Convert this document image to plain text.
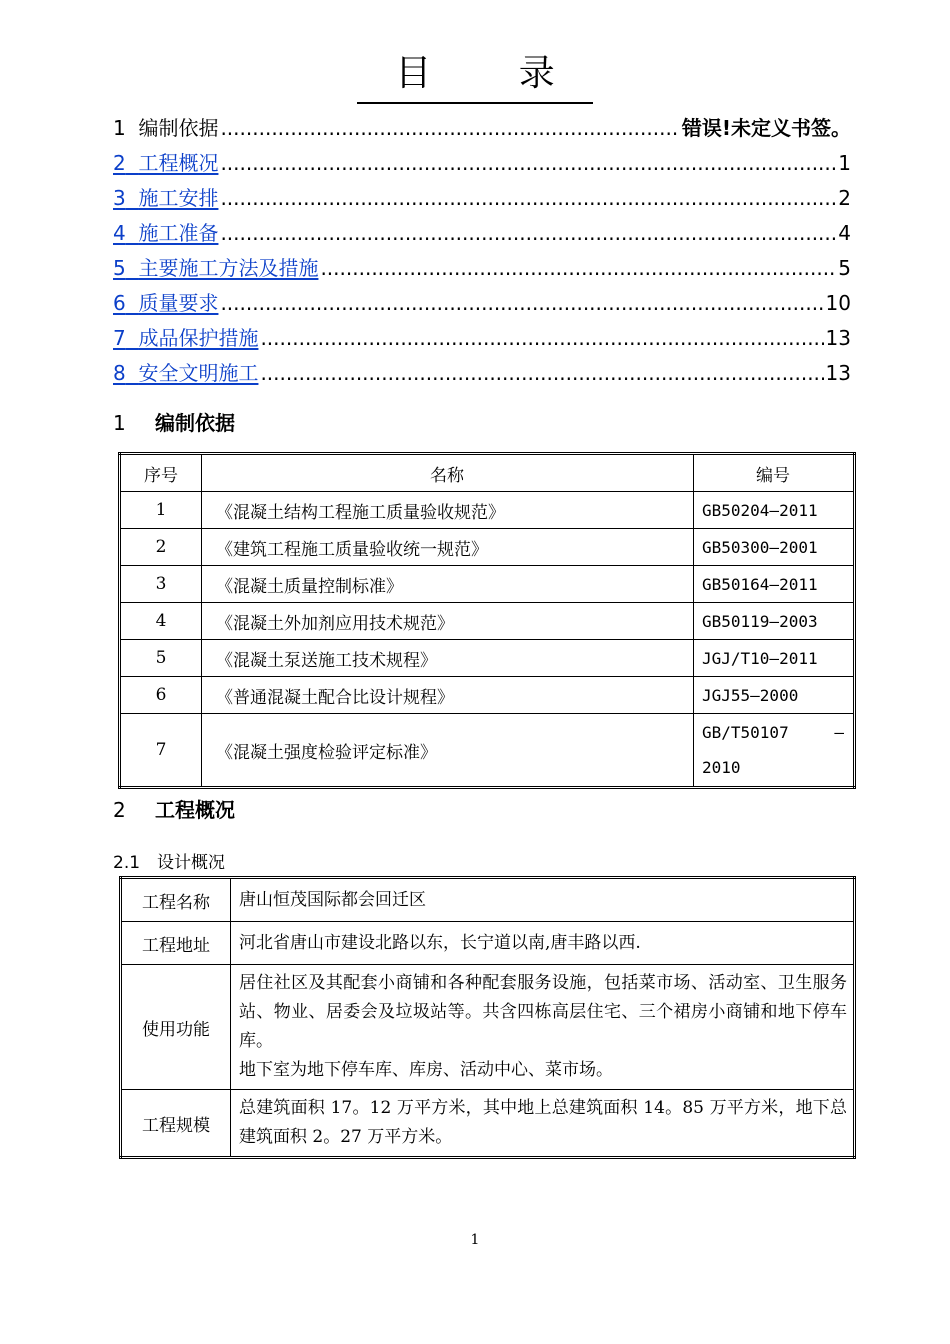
目 录
1 编制依据 .....	错误!未定义书签。
2 工程概况 .....	1
3 施工安排 .....	2
4 施工准备 .....	4
5 主要施工方法及措施 .....	5
6 质量要求 .....	10
7 成品保护措施 .....	13
8 安全文明施工 .....	13
1 编制依据
序号	名称	编号
1	《混凝土结构工程施工质量验收规范》	GB50204—2011
2	《建筑工程施工质量验收统一规范》	GB50300—2001
3	《混凝土质量控制标准》	GB50164—2011
4	《混凝土外加剂应用技术规范》	GB50119—2003
5	《混凝土泵送施工技术规程》	JGJ/T10—2011
6	《普通混凝土配合比设计规程》	JGJ55—2000
7	《混凝土强度检验评定标准》	GB/T50107 —
2010
2 工程概况
2.1 设计概况
工程名称	唐山恒茂国际都会回迁区
工程地址	河北省唐山市建设北路以东，长宁道以南,唐丰路以西.
使用功能	居住社区及其配套小商铺和各种配套服务设施，包括菜市场、活动室、卫生服务站、物业、居委会及垃圾站等。共含四栋高层住宅、三个裙房小商铺和地下停车库。
地下室为地下停车库、库房、活动中心、菜市场。

工程规模	总建筑面积 17。12 万平方米，其中地上总建筑面积 14。85 万平方米，地下总建筑面积 2。27 万平方米。
1
